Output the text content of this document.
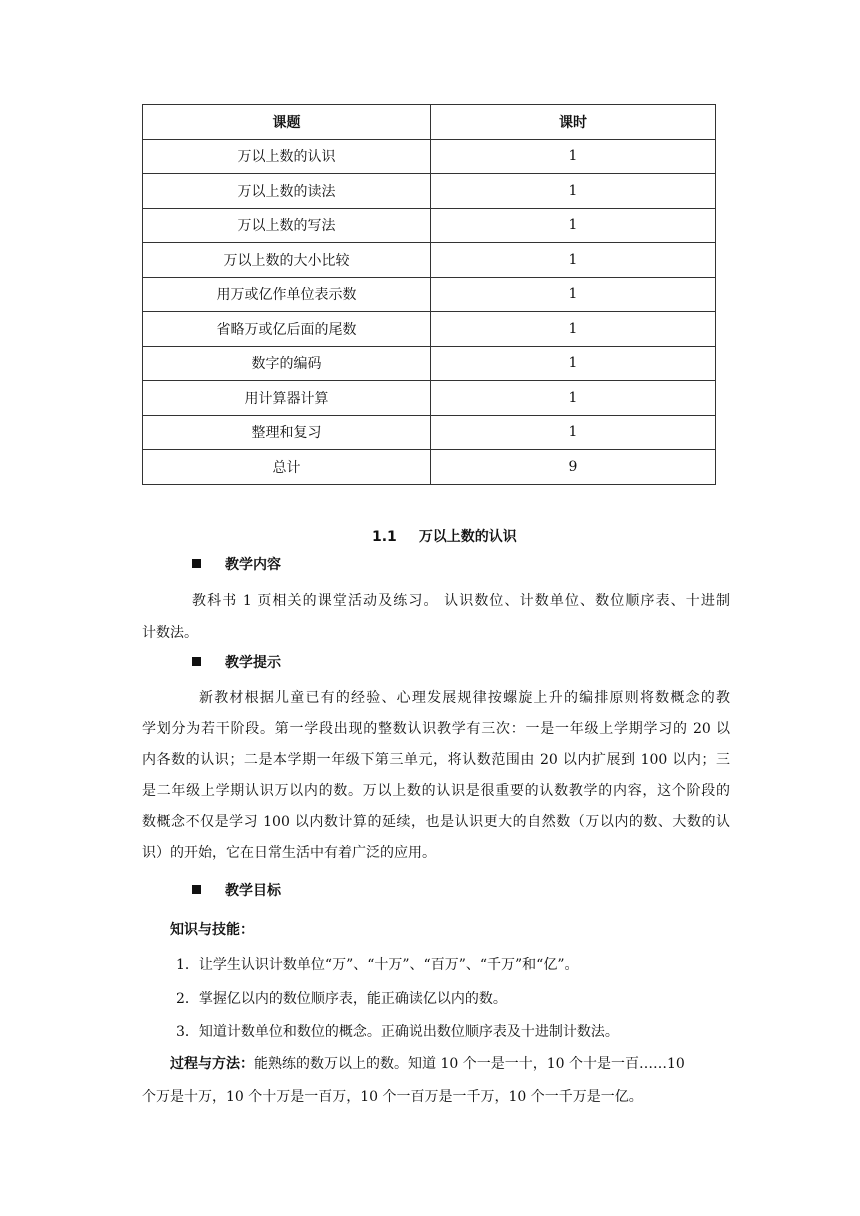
课题	课时
万以上数的认识	1
万以上数的读法	1
万以上数的写法	1
万以上数的大小比较	1
用万或亿作单位表示数	1
省略万或亿后面的尾数	1
数字的编码	1
用计算器计算	1
整理和复习	1
总计	9
1.1 万以上数的认识
教学内容
教科书 1 页相关的课堂活动及练习。 认识数位、计数单位、数位顺序表、十进制
计数法。
教学提示
新教材根据儿童已有的经验、心理发展规律按螺旋上升的编排原则将数概念的教
学划分为若干阶段。第一学段出现的整数认识教学有三次：一是一年级上学期学习的 20 以
内各数的认识；二是本学期一年级下第三单元，将认数范围由 20 以内扩展到 100 以内；三
是二年级上学期认识万以内的数。万以上数的认识是很重要的认数教学的内容，这个阶段的
数概念不仅是学习 100 以内数计算的延续，也是认识更大的自然数（万以内的数、大数的认
识）的开始，它在日常生活中有着广泛的应用。
教学目标
知识与技能：
1．让学生认识计数单位“万”、“十万”、“百万”、“千万”和“亿”。
2．掌握亿以内的数位顺序表，能正确读亿以内的数。
3．知道计数单位和数位的概念。正确说出数位顺序表及十进制计数法。
过程与方法：能熟练的数万以上的数。知道 10 个一是一十，10 个十是一百……10
个万是十万，10 个十万是一百万，10 个一百万是一千万，10 个一千万是一亿。
